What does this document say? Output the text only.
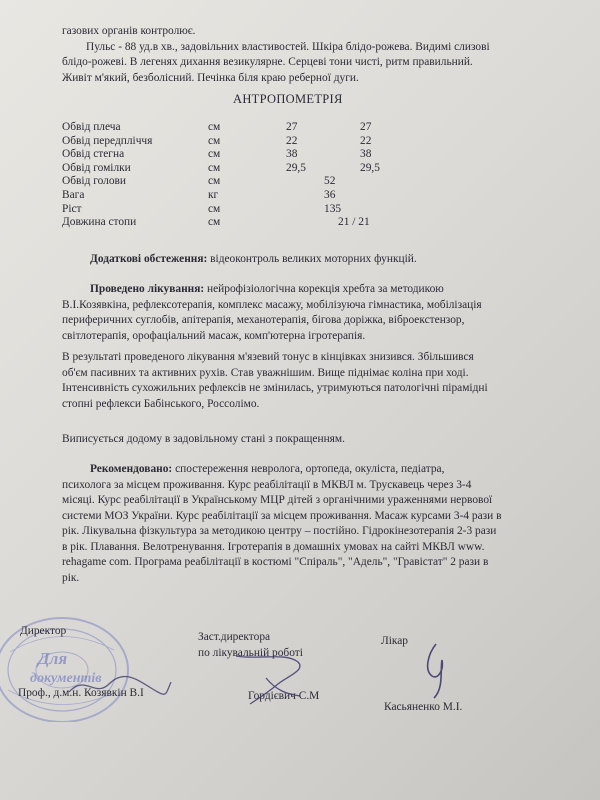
газових органів контролює.
Пульс - 88 уд.в хв., задовільних властивостей. Шкіра блідо-рожева. Видимі слизові
блідо-рожеві. В легенях дихання везикулярне. Серцеві тони чисті, ритм правильний.
Живіт м'який, безболісний. Печінка біля краю реберної дуги.
АНТРОПОМЕТРІЯ
Обвід плеча	см	27	27
Обвід передпліччя	см	22	22
Обвід стегна	см	38	38
Обвід гомілки	см	29,5	29,5
Обвід голови	см	52	
Вага	кг	36	
Ріст	см	135	
Довжина стопи	см	21 / 21	
Додаткові обстеження: відеоконтроль великих моторних функцій.
Проведено лікування: нейрофізіологічна корекція хребта за методикою
В.І.Козявкіна, рефлексотерапія, комплекс масажу, мобілізуюча гімнастика, мобілізація
периферичних суглобів, апітерапія, механотерапія, бігова доріжка, віброекстензор,
світлотерапія, орофаціальний масаж, комп'ютерна ігротерапія.
В результаті проведеного лікування м'язевий тонус в кінцівках знизився. Збільшився
об'єм пасивних та активних рухів. Став уважнішим. Вище піднімає коліна при ході.
Інтенсивність сухожильних рефлексів не змінилась, утримуються патологічні пірамідні
стопні рефлекси Бабінського, Россолімо.
Виписується додому в задовільному стані з покращенням.
Рекомендовано: спостереження невролога, ортопеда, окуліста, педіатра,
психолога за місцем проживання. Курс реабілітації в МКВЛ м. Трускавець через 3-4
місяці. Курс реабілітації в Українському МЦР дітей з органічними ураженнями нервової
системи МОЗ України. Курс реабілітації за місцем проживання. Масаж курсами 3-4 рази в
рік. Лікувальна фізкультура за методикою центру – постійно. Гідрокінезотерапія 2-3 рази
в рік. Плавання. Велотренування. Ігротерапія в домашніх умовах на сайті МКВЛ www.
rehagame com. Програма реабілітації в костюмі "Спіраль", "Адель", "Гравістат" 2 рази в
рік.
Для
документів
Директор
Проф., д.м.н. Козявкін В.І
Заст.директора
по лікувальній роботі
Гордієвич С.М
Лікар
Касьяненко М.І.
